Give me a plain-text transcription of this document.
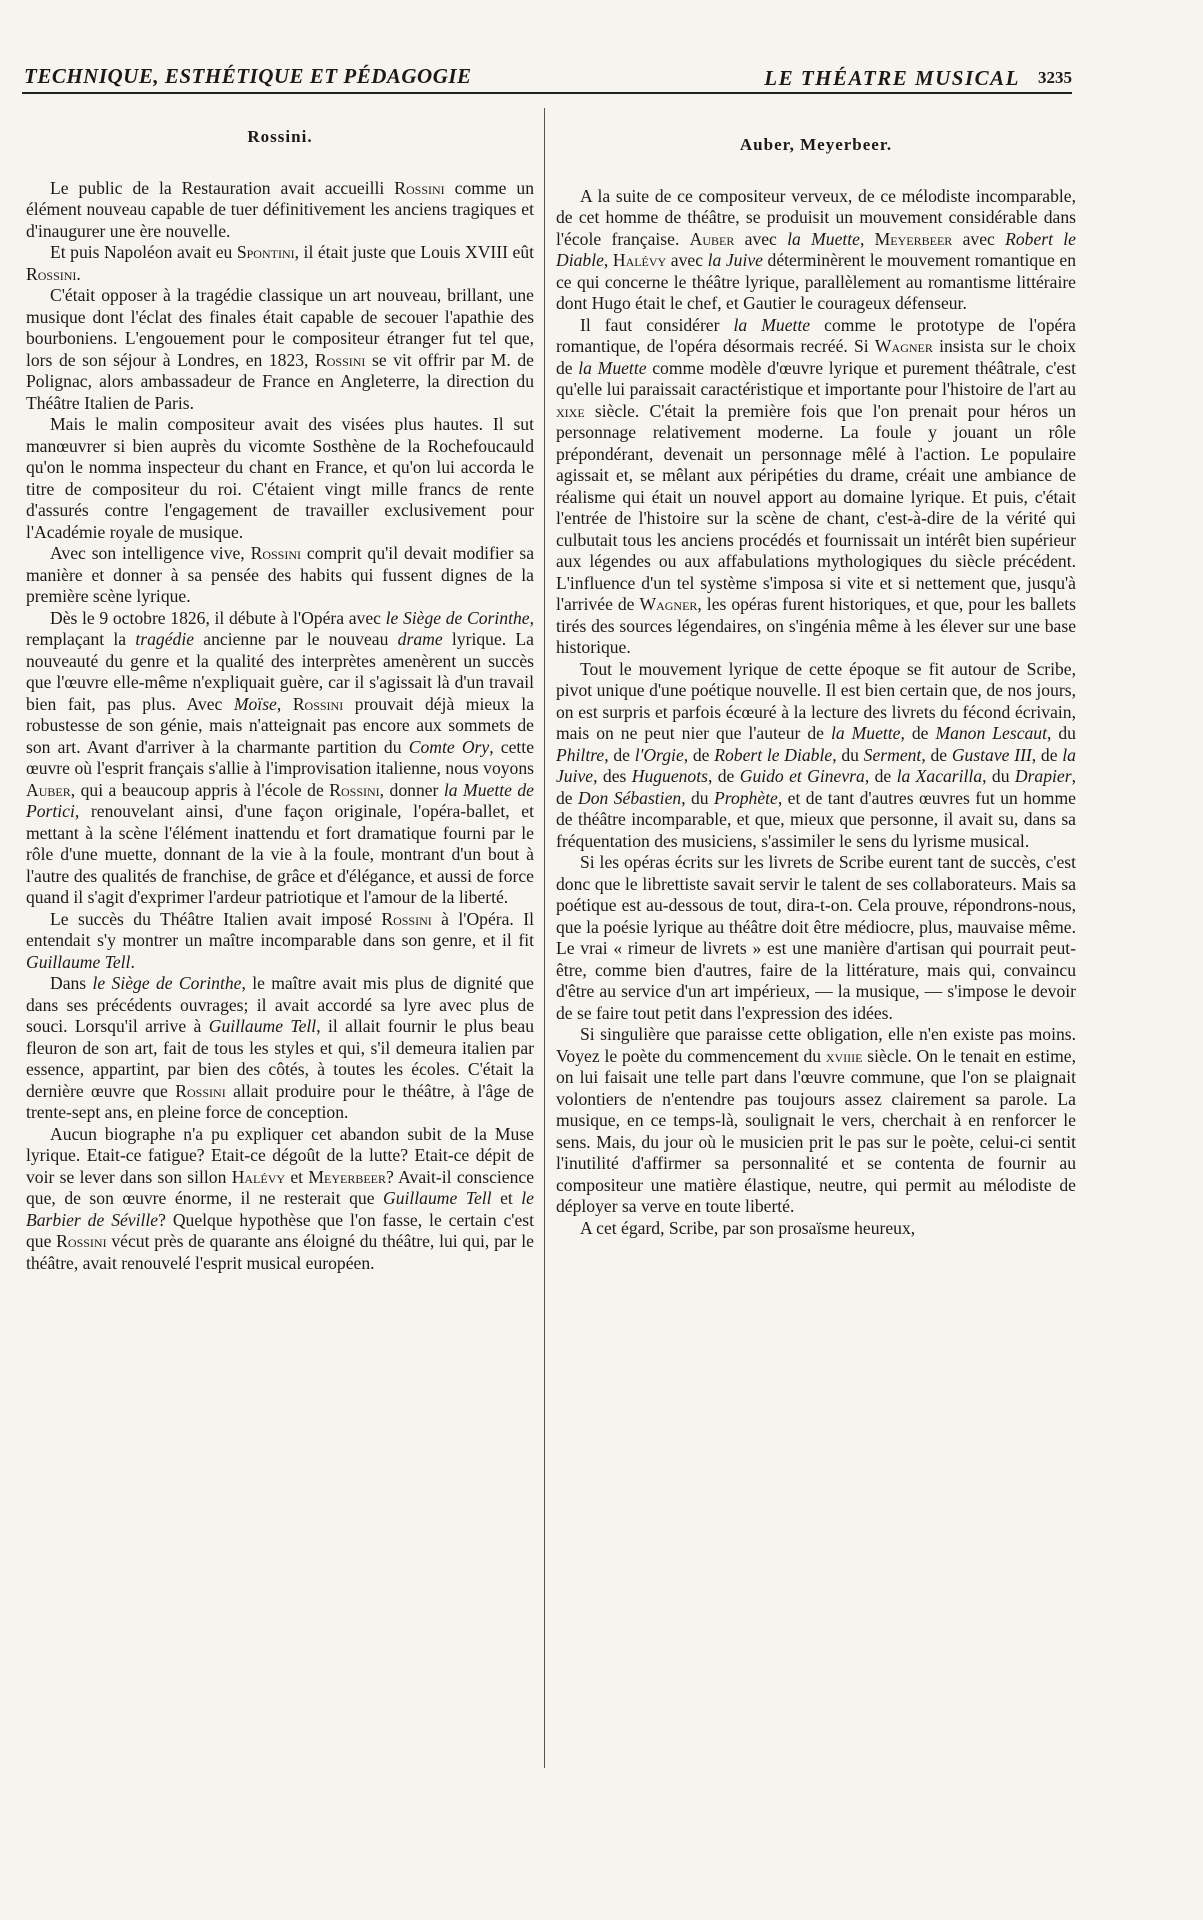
TECHNIQUE, ESTHÉTIQUE ET PÉDAGOGIE	LE THÉATRE MUSICAL 3235
Rossini.

Le public de la Restauration avait accueilli Rossini comme un élément nouveau capable de tuer définitivement les anciens tragiques et d'inaugurer une ère nouvelle.

Et puis Napoléon avait eu Spontini, il était juste que Louis XVIII eût Rossini.

C'était opposer à la tragédie classique un art nouveau, brillant, une musique dont l'éclat des finales était capable de secouer l'apathie des bourboniens. L'engouement pour le compositeur étranger fut tel que, lors de son séjour à Londres, en 1823, Rossini se vit offrir par M. de Polignac, alors ambassadeur de France en Angleterre, la direction du Théâtre Italien de Paris.

Mais le malin compositeur avait des visées plus hautes. Il sut manœuvrer si bien auprès du vicomte Sosthène de la Rochefoucauld qu'on le nomma inspecteur du chant en France, et qu'on lui accorda le titre de compositeur du roi. C'étaient vingt mille francs de rente d'assurés contre l'engagement de travailler exclusivement pour l'Académie royale de musique.

Avec son intelligence vive, Rossini comprit qu'il devait modifier sa manière et donner à sa pensée des habits qui fussent dignes de la première scène lyrique.

Dès le 9 octobre 1826, il débute à l'Opéra avec le Siège de Corinthe, remplaçant la tragédie ancienne par le nouveau drame lyrique. La nouveauté du genre et la qualité des interprètes amenèrent un succès que l'œuvre elle-même n'expliquait guère, car il s'agissait là d'un travail bien fait, pas plus. Avec Moïse, Rossini prouvait déjà mieux la robustesse de son génie, mais n'atteignait pas encore aux sommets de son art. Avant d'arriver à la charmante partition du Comte Ory, cette œuvre où l'esprit français s'allie à l'improvisation italienne, nous voyons Auber, qui a beaucoup appris à l'école de Rossini, donner la Muette de Portici, renouvelant ainsi, d'une façon originale, l'opéra-ballet, et mettant à la scène l'élément inattendu et fort dramatique fourni par le rôle d'une muette, donnant de la vie à la foule, montrant d'un bout à l'autre des qualités de franchise, de grâce et d'élégance, et aussi de force quand il s'agit d'exprimer l'ardeur patriotique et l'amour de la liberté.

Le succès du Théâtre Italien avait imposé Rossini à l'Opéra. Il entendait s'y montrer un maître incomparable dans son genre, et il fit Guillaume Tell.

Dans le Siège de Corinthe, le maître avait mis plus de dignité que dans ses précédents ouvrages; il avait accordé sa lyre avec plus de souci. Lorsqu'il arrive à Guillaume Tell, il allait fournir le plus beau fleuron de son art, fait de tous les styles et qui, s'il demeura italien par essence, appartint, par bien des côtés, à toutes les écoles. C'était la dernière œuvre que Rossini allait produire pour le théâtre, à l'âge de trente-sept ans, en pleine force de conception.

Aucun biographe n'a pu expliquer cet abandon subit de la Muse lyrique. Etait-ce fatigue? Etait-ce dégoût de la lutte? Etait-ce dépit de voir se lever dans son sillon Halévy et Meyerbeer? Avait-il conscience que, de son œuvre énorme, il ne resterait que Guillaume Tell et le Barbier de Séville? Quelque hypothèse que l'on fasse, le certain c'est que Rossini vécut près de quarante ans éloigné du théâtre, lui qui, par le théâtre, avait renouvelé l'esprit musical européen.

Auber, Meyerbeer.

A la suite de ce compositeur verveux, de ce mélodiste incomparable, de cet homme de théâtre, se produisit un mouvement considérable dans l'école française. Auber avec la Muette, Meyerbeer avec Robert le Diable, Halévy avec la Juive déterminèrent le mouvement romantique en ce qui concerne le théâtre lyrique, parallèlement au romantisme littéraire dont Hugo était le chef, et Gautier le courageux défenseur.

Il faut considérer la Muette comme le prototype de l'opéra romantique, de l'opéra désormais recréé. Si Wagner insista sur le choix de la Muette comme modèle d'œuvre lyrique et purement théâtrale, c'est qu'elle lui paraissait caractéristique et importante pour l'histoire de l'art au xixe siècle. C'était la première fois que l'on prenait pour héros un personnage relativement moderne. La foule y jouant un rôle prépondérant, devenait un personnage mêlé à l'action. Le populaire agissait et, se mêlant aux péripéties du drame, créait une ambiance de réalisme qui était un nouvel apport au domaine lyrique. Et puis, c'était l'entrée de l'histoire sur la scène de chant, c'est-à-dire de la vérité qui culbutait tous les anciens procédés et fournissait un intérêt bien supérieur aux légendes ou aux affabulations mythologiques du siècle précédent. L'influence d'un tel système s'imposa si vite et si nettement que, jusqu'à l'arrivée de Wagner, les opéras furent historiques, et que, pour les ballets tirés des sources légendaires, on s'ingénia même à les élever sur une base historique.

Tout le mouvement lyrique de cette époque se fit autour de Scribe, pivot unique d'une poétique nouvelle. Il est bien certain que, de nos jours, on est surpris et parfois écœuré à la lecture des livrets du fécond écrivain, mais on ne peut nier que l'auteur de la Muette, de Manon Lescaut, du Philtre, de l'Orgie, de Robert le Diable, du Serment, de Gustave III, de la Juive, des Huguenots, de Guido et Ginevra, de la Xacarilla, du Drapier, de Don Sébastien, du Prophète, et de tant d'autres œuvres fut un homme de théâtre incomparable, et que, mieux que personne, il avait su, dans sa fréquentation des musiciens, s'assimiler le sens du lyrisme musical.

Si les opéras écrits sur les livrets de Scribe eurent tant de succès, c'est donc que le librettiste savait servir le talent de ses collaborateurs. Mais sa poétique est au-dessous de tout, dira-t-on. Cela prouve, répondrons-nous, que la poésie lyrique au théâtre doit être médiocre, plus, mauvaise même. Le vrai « rimeur de livrets » est une manière d'artisan qui pourrait peut-être, comme bien d'autres, faire de la littérature, mais qui, convaincu d'être au service d'un art impérieux, — la musique, — s'impose le devoir de se faire tout petit dans l'expression des idées.

Si singulière que paraisse cette obligation, elle n'en existe pas moins. Voyez le poète du commencement du xviiie siècle. On le tenait en estime, on lui faisait une telle part dans l'œuvre commune, que l'on se plaignait volontiers de n'entendre pas toujours assez clairement sa parole. La musique, en ce temps-là, soulignait le vers, cherchait à en renforcer le sens. Mais, du jour où le musicien prit le pas sur le poète, celui-ci sentit l'inutilité d'affirmer sa personnalité et se contenta de fournir au compositeur une matière élastique, neutre, qui permit au mélodiste de déployer sa verve en toute liberté.

A cet égard, Scribe, par son prosaïsme heureux,
